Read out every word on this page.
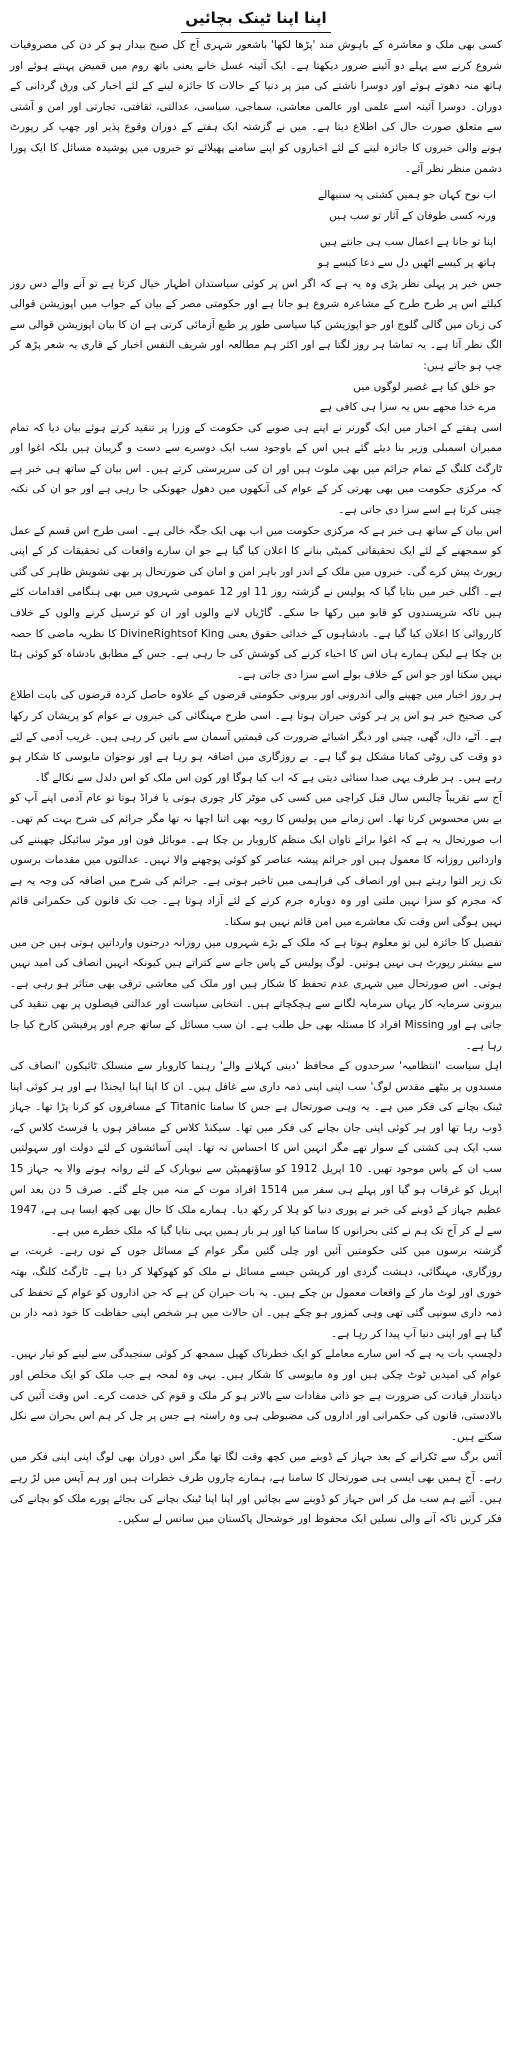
اپنا اپنا ٹینک بچائیں

کسی بھی ملک و معاشرہ کے باہوش مند 'پڑھا لکھا' باشعور شہری آج کل صبح بیدار ہو کر دن کی مصروفیات شروع کرنے سے پہلے دو آئینے ضرور دیکھتا ہے۔ ایک آئینہ غسل خانے یعنی باتھ روم میں قمیض پہنتے ہوئے اور ہاتھ منہ دھوتے ہوئے اور دوسرا ناشتے کی میز پر دنیا کے حالات کا جائزہ لینے کے لئے اخبار کی ورق گردانی کے دوران۔ دوسرا آئینہ اسے علمی اور عالمی معاشی، سماجی، سیاسی، عدالتی، ثقافتی، تجارتی اور امن و آشتی سے متعلق صورت حال کی اطلاع دیتا ہے۔ میں نے گزشتہ ایک ہفتے کے دوران وقوع پذیر اور چھپ کر رپورٹ ہونے والی خبروں کا جائزہ لینے کے لئے اخباروں کو اپنے سامنے پھیلائے تو خبروں میں پوشیدہ مسائل کا ایک پورا دشمن منظر نظر آئے۔

اب نوح کہاں جو ہمیں کشتی پہ سنبھالے

ورنہ کسی طوفان کے آثار تو سب ہیں

اپنا تو جانا ہے اعمال سب ہی جانتے ہیں

ہاتھ پر کیسے اٹھیں دل سے دعا کیسے ہو

جس خبر پر پہلی نظر پڑی وہ یہ ہے کہ اگر اس پر کوئی سیاستدان اظہار خیال کرتا ہے تو آنے والے دس روز کیلئے اس پر طرح طرح کے مشاعرہ شروع ہو جاتا ہے اور حکومتی مصر کے بیان کے جواب میں اپوزیشن قوالی کی زبان میں گالی گلوچ اور جو اپوزیشن کیا سیاسی طور پر طبع آزمائی کرتی ہے ان کا بیان اپوزیشن قوالی سے الگ نظر آتا ہے۔ یہ تماشا ہر روز لگتا ہے اور اکثر ہم مطالعہ اور شریف النفس اخبار کے قاری یہ شعر پڑھ کر چپ ہو جاتے ہیں:

جو خلق کیا ہے غصیر لوگوں میں

مرے خدا مجھے بس یہ سزا ہی کافی ہے

اسی ہفتے کے اخبار میں ایک گورنر نے اپنے ہی صوبے کی حکومت کے وزرا پر تنقید کرتے ہوئے بیان دیا کہ تمام ممبران اسمبلی وزیر بنا دیئے گئے ہیں اس کے باوجود سب ایک دوسرے سے دست و گریبان ہیں بلکہ اغوا اور ٹارگٹ کلنگ کے تمام جرائم میں بھی ملوث ہیں اور ان کی سرپرستی کرتے ہیں۔ اس بیان کے ساتھ ہی خبر ہے کہ مرکزی حکومت میں بھی بھرتی کر کے عوام کی آنکھوں میں دھول جھونکی جا رہی ہے اور جو ان کی نکتہ چینی کرتا ہے اسے سزا دی جاتی ہے۔

اس بیان کے ساتھ ہی خبر ہے کہ مرکزی حکومت میں اب بھی ایک جگہ خالی ہے۔ اسی طرح اس قسم کے عمل کو سمجھنے کے لئے ایک تحقیقاتی کمیٹی بنانے کا اعلان کیا گیا ہے جو ان سارے واقعات کی تحقیقات کر کے اپنی رپورٹ پیش کرے گی۔ خبروں میں ملک کے اندر اور باہر امن و امان کی صورتحال پر بھی تشویش ظاہر کی گئی ہے۔ اگلی خبر میں بتایا گیا کہ پولیس نے گزشتہ روز 11 اور 12 عمومی شہروں میں بھی ہنگامی اقدامات کئے ہیں تاکہ شرپسندوں کو قابو میں رکھا جا سکے۔ گاڑیاں لانے والوں اور ان کو ترسیل کرنے والوں کے خلاف کارروائی کا اعلان کیا گیا ہے۔ بادشاہوں کے خدائی حقوق یعنی DivineRightsof King کا نظریہ ماضی کا حصہ بن چکا ہے لیکن ہمارے ہاں اس کا احیاء کرنے کی کوشش کی جا رہی ہے۔ جس کے مطابق بادشاہ کو کوئی ہٹا نہیں سکتا اور جو اس کے خلاف بولے اسے سزا دی جاتی ہے۔

ہر روز اخبار میں چھپنے والی اندرونی اور بیرونی حکومتی قرضوں کے علاوہ حاصل کردہ قرضوں کی بابت اطلاع کی صحیح خبر ہو اس پر ہر کوئی حیران ہوتا ہے۔ اسی طرح مہنگائی کی خبروں نے عوام کو پریشان کر رکھا ہے۔ آٹے، دال، گھی، چینی اور دیگر اشیائے ضرورت کی قیمتیں آسمان سے باتیں کر رہی ہیں۔ غریب آدمی کے لئے دو وقت کی روٹی کمانا مشکل ہو گیا ہے۔ بے روزگاری میں اضافہ ہو رہا ہے اور نوجوان مایوسی کا شکار ہو رہے ہیں۔ ہر طرف یہی صدا سنائی دیتی ہے کہ اب کیا ہوگا اور کون اس ملک کو اس دلدل سے نکالے گا۔

آج سے تقریباً چالیس سال قبل کراچی میں کسی کی موٹر کار چوری ہوتی یا فراڈ ہوتا تو عام آدمی اپنے آپ کو بے بس محسوس کرتا تھا۔ اس زمانے میں پولیس کا رویہ بھی اتنا اچھا نہ تھا مگر جرائم کی شرح بہت کم تھی۔ اب صورتحال یہ ہے کہ اغوا برائے تاوان ایک منظم کاروبار بن چکا ہے۔ موبائل فون اور موٹر سائیکل چھیننے کی وارداتیں روزانہ کا معمول ہیں اور جرائم پیشہ عناصر کو کوئی پوچھنے والا نہیں۔ عدالتوں میں مقدمات برسوں تک زیر التوا رہتے ہیں اور انصاف کی فراہمی میں تاخیر ہوتی ہے۔ جرائم کی شرح میں اضافہ کی وجہ یہ ہے کہ مجرم کو سزا نہیں ملتی اور وہ دوبارہ جرم کرنے کے لئے آزاد ہوتا ہے۔ جب تک قانون کی حکمرانی قائم نہیں ہوگی اس وقت تک معاشرے میں امن قائم نہیں ہو سکتا۔

تفصیل کا جائزہ لیں تو معلوم ہوتا ہے کہ ملک کے بڑے شہروں میں روزانہ درجنوں وارداتیں ہوتی ہیں جن میں سے بیشتر رپورٹ ہی نہیں ہوتیں۔ لوگ پولیس کے پاس جانے سے کتراتے ہیں کیونکہ انہیں انصاف کی امید نہیں ہوتی۔ اس صورتحال میں شہری عدم تحفظ کا شکار ہیں اور ملک کی معاشی ترقی بھی متاثر ہو رہی ہے۔ بیرونی سرمایہ کار یہاں سرمایہ لگانے سے ہچکچاتے ہیں۔ انتخابی سیاست اور عدالتی فیصلوں پر بھی تنقید کی جاتی ہے اور Missing افراد کا مسئلہ بھی حل طلب ہے۔ ان سب مسائل کے ساتھ جرم اور پرفیشن کارخ کیا جا رہا ہے۔

اہل سیاست 'انتظامیہ' سرحدوں کے محافظ 'دینی کہلانے والے' رہنما کاروبار سے منسلک ٹائیکون 'انصاف کی مسندوں پر بیٹھے مقدس لوگ' سب اپنی اپنی ذمہ داری سے غافل ہیں۔ ان کا اپنا اپنا ایجنڈا ہے اور ہر کوئی اپنا ٹینک بچانے کی فکر میں ہے۔ یہ وہی صورتحال ہے جس کا سامنا Titanic کے مسافروں کو کرنا پڑا تھا۔ جہاز ڈوب رہا تھا اور ہر کوئی اپنی جان بچانے کی فکر میں تھا۔ سیکنڈ کلاس کے مسافر ہوں یا فرسٹ کلاس کے، سب ایک ہی کشتی کے سوار تھے مگر انہیں اس کا احساس نہ تھا۔ اپنی آسائشوں کے لئے دولت اور سہولتیں سب ان کے پاس موجود تھیں۔ 10 اپریل 1912 کو ساؤتھمپٹن سے نیویارک کے لئے روانہ ہونے والا یہ جہاز 15 اپریل کو غرقاب ہو گیا اور پہلے ہی سفر میں 1514 افراد موت کے منہ میں چلے گئے۔ صرف 5 دن بعد اس عظیم جہاز کے ڈوبنے کی خبر نے پوری دنیا کو ہلا کر رکھ دیا۔ ہمارے ملک کا حال بھی کچھ ایسا ہی ہے، 1947 سے لے کر آج تک ہم نے کئی بحرانوں کا سامنا کیا اور ہر بار ہمیں یہی بتایا گیا کہ ملک خطرے میں ہے۔

گزشتہ برسوں میں کئی حکومتیں آئیں اور چلی گئیں مگر عوام کے مسائل جوں کے توں رہے۔ غربت، بے روزگاری، مہنگائی، دہشت گردی اور کرپشن جیسے مسائل نے ملک کو کھوکھلا کر دیا ہے۔ ٹارگٹ کلنگ، بھتہ خوری اور لوٹ مار کے واقعات معمول بن چکے ہیں۔ یہ بات حیران کن ہے کہ جن اداروں کو عوام کے تحفظ کی ذمہ داری سونپی گئی تھی وہی کمزور ہو چکے ہیں۔ ان حالات میں ہر شخص اپنی حفاظت کا خود ذمہ دار بن گیا ہے اور اپنی دنیا آپ پیدا کر رہا ہے۔

دلچسپ بات یہ ہے کہ اس سارے معاملے کو ایک خطرناک کھیل سمجھ کر کوئی سنجیدگی سے لینے کو تیار نہیں۔ عوام کی امیدیں ٹوٹ چکی ہیں اور وہ مایوسی کا شکار ہیں۔ یہی وہ لمحہ ہے جب ملک کو ایک مخلص اور دیانتدار قیادت کی ضرورت ہے جو ذاتی مفادات سے بالاتر ہو کر ملک و قوم کی خدمت کرے۔ اس وقت آئین کی بالادستی، قانون کی حکمرانی اور اداروں کی مضبوطی ہی وہ راستہ ہے جس پر چل کر ہم اس بحران سے نکل سکتے ہیں۔

آئس برگ سے ٹکرانے کے بعد جہاز کے ڈوبنے میں کچھ وقت لگا تھا مگر اس دوران بھی لوگ اپنی اپنی فکر میں رہے۔ آج ہمیں بھی ایسی ہی صورتحال کا سامنا ہے، ہمارے چاروں طرف خطرات ہیں اور ہم آپس میں لڑ رہے ہیں۔ آئیے ہم سب مل کر اس جہاز کو ڈوبنے سے بچائیں اور اپنا اپنا ٹینک بچانے کی بجائے پورے ملک کو بچانے کی فکر کریں تاکہ آنے والی نسلیں ایک محفوظ اور خوشحال پاکستان میں سانس لے سکیں۔
